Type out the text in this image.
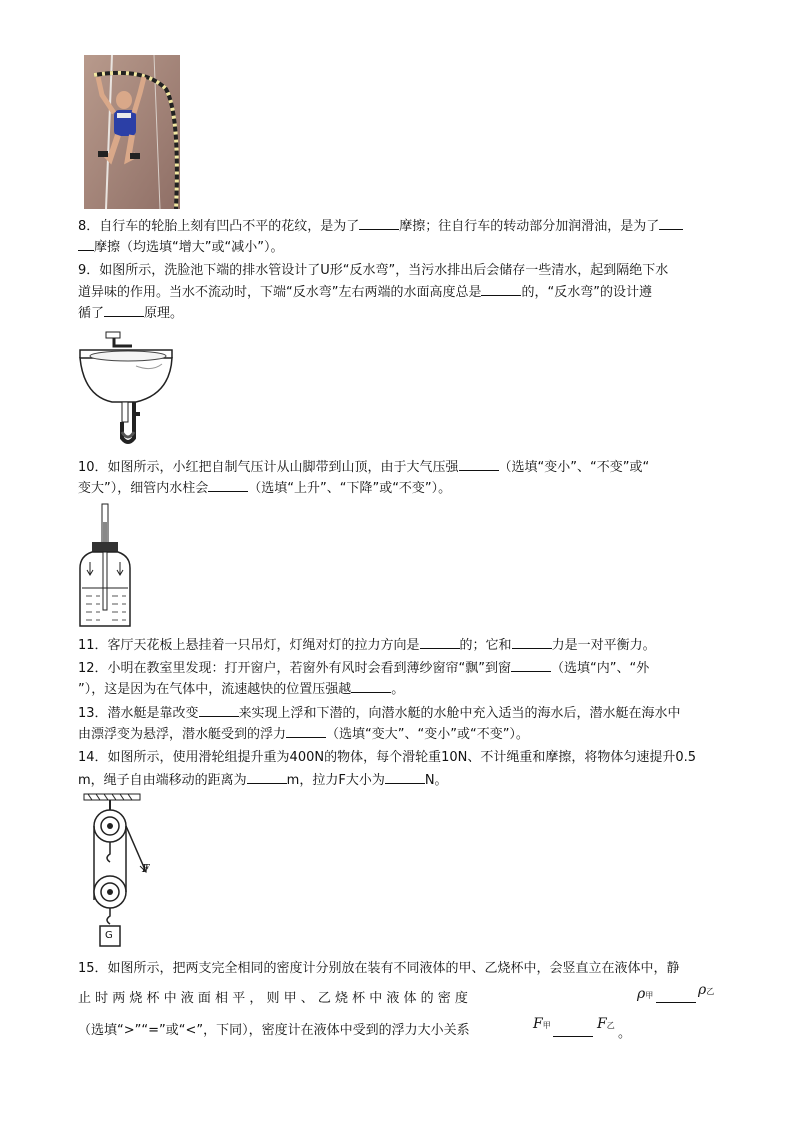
8．自行车的轮胎上刻有凹凸不平的花纹，是为了	摩擦；往自行车的转动部分加润滑油，是为了
摩擦（均选填“增大”或“减小”）。
9．如图所示，洗脸池下端的排水管设计了U形“反水弯”，当污水排出后会储存一些清水，起到隔绝下水
道异味的作用。当水不流动时，下端“反水弯”左右两端的水面高度总是	的，“反水弯”的设计遵
循了	原理。
10．如图所示，小红把自制气压计从山脚带到山顶，由于大气压强	（选填“变小”、“不变”或“
变大”），细管内水柱会	（选填“上升”、“下降”或“不变”）。
11．客厅天花板上悬挂着一只吊灯，灯绳对灯的拉力方向是	的；它和	力是一对平衡力。
12．小明在教室里发现：打开窗户，若窗外有风时会看到薄纱窗帘“飘”到窗	（选填“内”、“外
”），这是因为在气体中，流速越快的位置压强越	。
13．潜水艇是靠改变	来实现上浮和下潜的，向潜水艇的水舱中充入适当的海水后，潜水艇在海水中
由漂浮变为悬浮，潜水艇受到的浮力	（选填“变大”、“变小”或“不变”）。
14．如图所示，使用滑轮组提升重为400N的物体，每个滑轮重10N、不计绳重和摩擦，将物体匀速提升0.5
m，绳子自由端移动的距离为	m，拉力F大小为	N。
F
G
15．如图所示，把两支完全相同的密度计分别放在装有不同液体的甲、乙烧杯中，会竖直立在液体中，静
止 时 两 烧 杯 中 液 面 相 平 ， 则 甲 、 乙 烧 杯 中 液 体 的 密 度	ρ甲	ρ乙
（选填“>”“=”或“<”，下同），密度计在液体中受到的浮力大小关系	F甲	F乙
。
